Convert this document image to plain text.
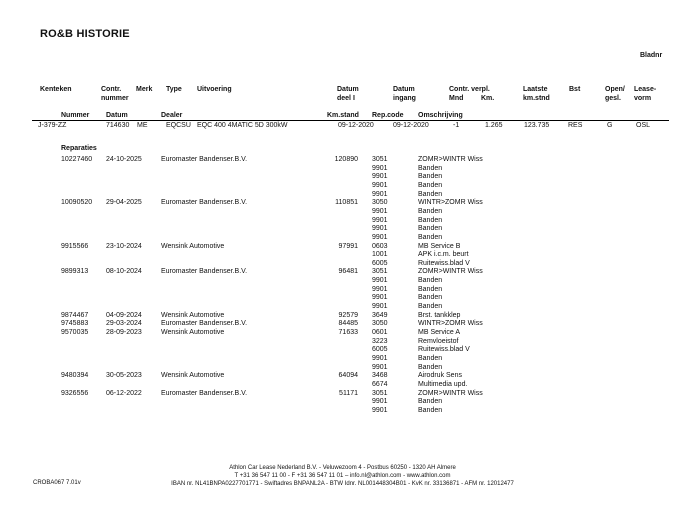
RO&B HISTORIE
Bladnr
Kenteken	Contr.
nummer
Merk Type Uitvoering	Datum
deel I
Datum
ingang
Contr. verpl.
Mnd	Km.
Laatste
km.stnd
Bst	Open/
gesl.
Lease-
vorm
Nummer Datum	Dealer	Km.stand Rep.code Omschrijving
J-379-ZZ	714630 ME	EQCSU EQC 400 4MATIC 5D 300kW	09-12-2020	09-12-2020	-1	1.265	123.735	RES	G	OSL
Reparaties
10227460 24-10-2025	Euromaster Bandenser.B.V.	120890 3051	ZOMR>WINTR Wiss
9901	Banden
9901	Banden
9901	Banden
9901	Banden
10090520 29-04-2025	Euromaster Bandenser.B.V.	110851 3050	WINTR>ZOMR Wiss
9901	Banden
9901	Banden
9901	Banden
9901	Banden
9915566	23-10-2024	Wensink Automotive	97991 0603	MB Service B
1001	APK i.c.m. beurt
6005	Ruitewiss.blad V
9899313	08-10-2024	Euromaster Bandenser.B.V.	96481 3051	ZOMR>WINTR Wiss
9901	Banden
9901	Banden
9901	Banden
9901	Banden
9874467	04-09-2024	Wensink Automotive	92579 3649	Brst. tankklep
9745883	29-03-2024	Euromaster Bandenser.B.V.	84485 3050	WINTR>ZOMR Wiss
9570035	28-09-2023	Wensink Automotive	71633 0601	MB Service A
3223	Remvloeistof
6005	Ruitewiss.blad V
9901	Banden
9901	Banden
9480394	30-05-2023	Wensink Automotive	64094 3468	Airodruk Sens
6674	Multimedia upd.
9326556	06-12-2022	Euromaster Bandenser.B.V.	51171 3051	ZOMR>WINTR Wiss
9901	Banden
9901	Banden
Athlon Car Lease Nederland B.V. - Veluwezoom 4 - Postbus 60250 - 1320 AH Almere
T +31 36 547 11 00 - F +31 36 547 11 01 – info.nl@athlon.com - www.athlon.com
IBAN nr. NL41BNPA0227701771 - Swiftadres BNPANL2A - BTW Idnr. NL001448304B01 - KvK nr. 33136871 - AFM nr. 12012477
CROBA067 7.01v
